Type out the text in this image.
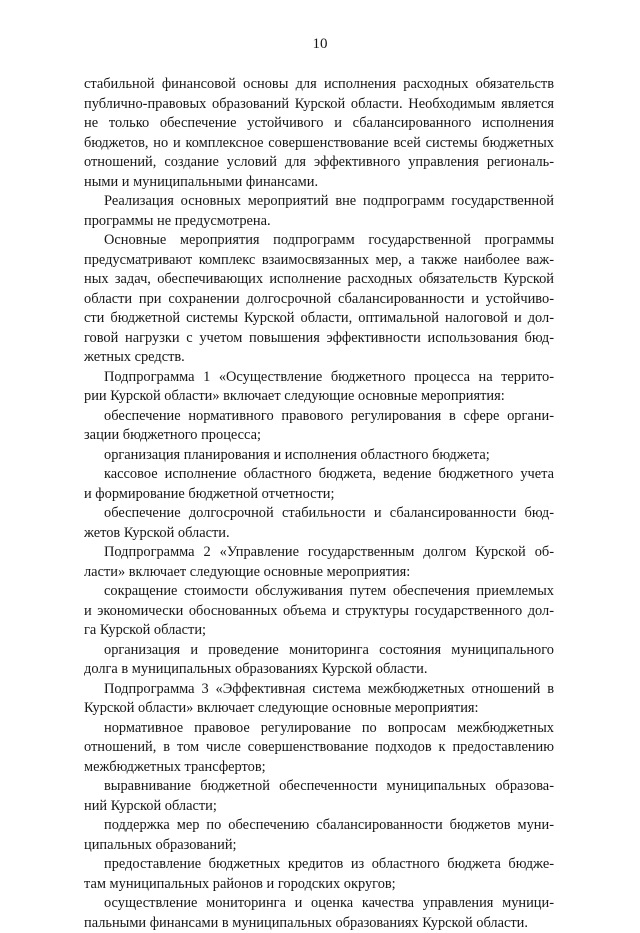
10

стабильной финансовой основы для исполнения расходных обязательств
публично-правовых образований Курской области. Необходимым является
не только обеспечение устойчивого и сбалансированного исполнения
бюджетов, но и комплексное совершенствование всей системы бюджетных
отношений, создание условий для эффективного управления региональ-
ными и муниципальными финансами.

Реализация основных мероприятий вне подпрограмм государственной
программы не предусмотрена.

Основные мероприятия подпрограмм государственной программы
предусматривают комплекс взаимосвязанных мер, а также наиболее важ-
ных задач, обеспечивающих исполнение расходных обязательств Курской
области при сохранении долгосрочной сбалансированности и устойчиво-
сти бюджетной системы Курской области, оптимальной налоговой и дол-
говой нагрузки с учетом повышения эффективности использования бюд-
жетных средств.

Подпрограмма 1 «Осуществление бюджетного процесса на террито-
рии Курской области» включает следующие основные мероприятия:

обеспечение нормативного правового регулирования в сфере органи-
зации бюджетного процесса;

организация планирования и исполнения областного бюджета;

кассовое исполнение областного бюджета, ведение бюджетного учета
и формирование бюджетной отчетности;

обеспечение долгосрочной стабильности и сбалансированности бюд-
жетов Курской области.

Подпрограмма 2 «Управление государственным долгом Курской об-
ласти» включает следующие основные мероприятия:

сокращение стоимости обслуживания путем обеспечения приемлемых
и экономически обоснованных объема и структуры государственного дол-
га Курской области;

организация и проведение мониторинга состояния муниципального
долга в муниципальных образованиях Курской области.

Подпрограмма 3 «Эффективная система межбюджетных отношений в
Курской области» включает следующие основные мероприятия:

нормативное правовое регулирование по вопросам межбюджетных
отношений, в том числе совершенствование подходов к предоставлению
межбюджетных трансфертов;

выравнивание бюджетной обеспеченности муниципальных образова-
ний Курской области;

поддержка мер по обеспечению сбалансированности бюджетов муни-
ципальных образований;

предоставление бюджетных кредитов из областного бюджета бюдже-
там муниципальных районов и городских округов;

осуществление мониторинга и оценка качества управления муници-
пальными финансами в муниципальных образованиях Курской области.
